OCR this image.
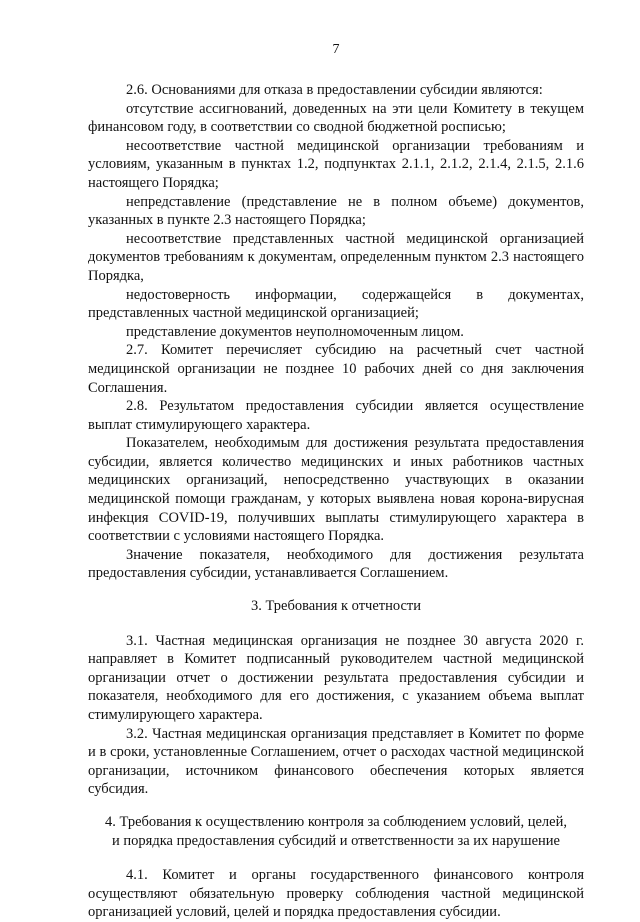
7

2.6. Основаниями для отказа в предоставлении субсидии являются:

отсутствие ассигнований, доведенных на эти цели Комитету в текущем финансовом году, в соответствии со сводной бюджетной росписью;

несоответствие частной медицинской организации требованиям и условиям, указанным в пунктах 1.2, подпунктах 2.1.1, 2.1.2, 2.1.4, 2.1.5, 2.1.6 настоящего Порядка;

непредставление (представление не в полном объеме) документов, указанных в пункте 2.3 настоящего Порядка;

несоответствие представленных частной медицинской организацией документов требованиям к документам, определенным пунктом 2.3 настоящего Порядка,

недостоверность информации, содержащейся в документах, представленных частной медицинской организацией;

представление документов неуполномоченным лицом.

2.7. Комитет перечисляет субсидию на расчетный счет частной медицинской организации не позднее 10 рабочих дней со дня заключения Соглашения.

2.8. Результатом предоставления субсидии является осуществление выплат стимулирующего характера.

Показателем, необходимым для достижения результата предоставления субсидии, является количество медицинских и иных работников частных медицинских организаций, непосредственно участвующих в оказании медицинской помощи гражданам, у которых выявлена новая корона-вирусная инфекция COVID-19, получивших выплаты стимулирующего характера в соответствии с условиями настоящего Порядка.

Значение показателя, необходимого для достижения результата предоставления субсидии, устанавливается Соглашением.

3. Требования к отчетности

3.1. Частная медицинская организация не позднее 30 августа 2020 г. направляет в Комитет подписанный руководителем частной медицинской организации отчет о достижении результата предоставления субсидии и показателя, необходимого для его достижения, с указанием объема выплат стимулирующего характера.

3.2. Частная медицинская организация представляет в Комитет по форме и в сроки, установленные Соглашением, отчет о расходах частной медицинской организации, источником финансового обеспечения которых является субсидия.

4. Требования к осуществлению контроля за соблюдением условий, целей,

и порядка предоставления субсидий и ответственности за их нарушение

4.1. Комитет и органы государственного финансового контроля осуществляют обязательную проверку соблюдения частной медицинской организацией условий, целей и порядка предоставления субсидии.
